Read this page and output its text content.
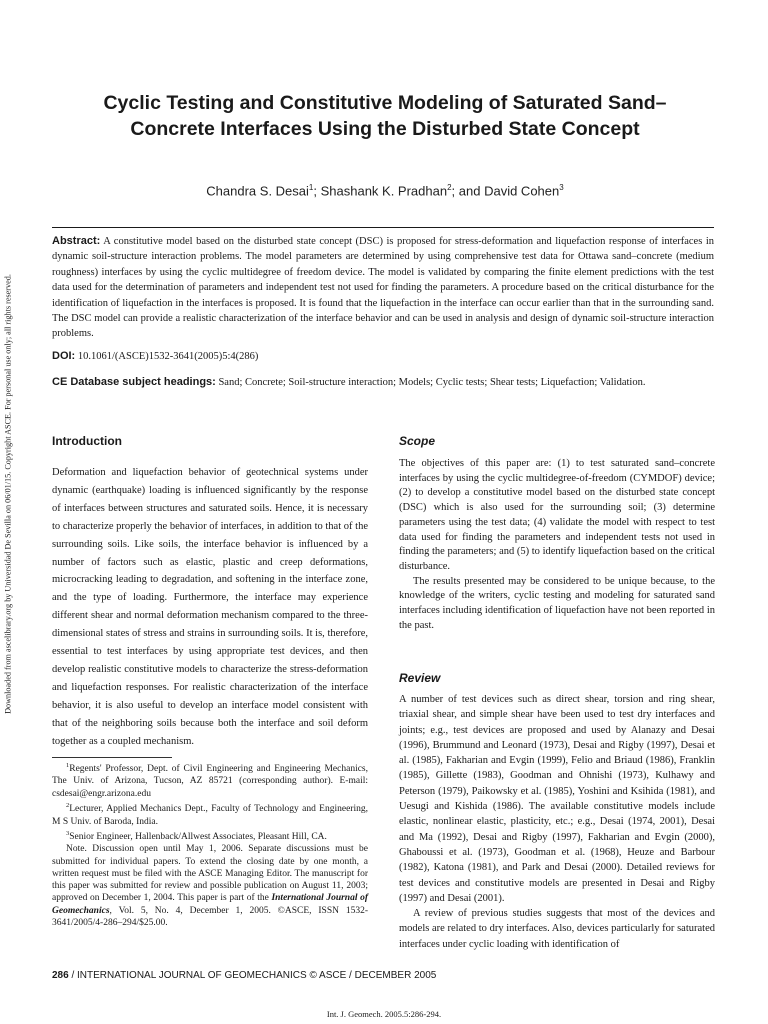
Downloaded from ascelibrary.org by Universidad De Sevilla on 06/01/15. Copyright ASCE. For personal use only; all rights reserved.
Cyclic Testing and Constitutive Modeling of Saturated Sand–Concrete Interfaces Using the Disturbed State Concept
Chandra S. Desai$^1$; Shashank K. Pradhan$^2$; and David Cohen$^3$

Abstract: A constitutive model based on the disturbed state concept (DSC) is proposed for stress-deformation and liquefaction response of interfaces in dynamic soil-structure interaction problems. The model parameters are determined by using comprehensive test data for Ottawa sand–concrete (medium roughness) interfaces by using the cyclic multidegree of freedom device. The model is validated by comparing the finite element predictions with the test data used for the determination of parameters and independent test not used for finding the parameters. A procedure based on the critical disturbance for the identification of liquefaction in the interfaces is proposed. It is found that the liquefaction in the interface can occur earlier than that in the surrounding sand. The DSC model can provide a realistic characterization of the interface behavior and can be used in analysis and design of dynamic soil-structure interaction problems.

DOI: 10.1061/(ASCE)1532-3641(2005)5:4(286)

CE Database subject headings: Sand; Concrete; Soil-structure interaction; Models; Cyclic tests; Shear tests; Liquefaction; Validation.

Introduction

Deformation and liquefaction behavior of geotechnical systems under dynamic (earthquake) loading is influenced significantly by the response of interfaces between structures and saturated soils. Hence, it is necessary to characterize properly the behavior of interfaces, in addition to that of the surrounding soils. Like soils, the interface behavior is influenced by a number of factors such as elastic, plastic and creep deformations, microcracking leading to degradation, and softening in the interface zone, and the type of loading. Furthermore, the interface may experience different shear and normal deformation mechanism compared to the three-dimensional states of stress and strains in surrounding soils. It is, therefore, essential to test interfaces by using appropriate test devices, and then develop realistic constitutive models to characterize the stress-deformation and liquefaction responses. For realistic characterization of the interface behavior, it is also useful to develop an interface model consistent with that of the neighboring soils because both the interface and soil deform together as a coupled mechanism.

$^1$Regents' Professor, Dept. of Civil Engineering and Engineering Mechanics, The Univ. of Arizona, Tucson, AZ 85721 (corresponding author). E-mail: csdesai@engr.arizona.edu

$^2$Lecturer, Applied Mechanics Dept., Faculty of Technology and Engineering, M S Univ. of Baroda, India.

$^3$Senior Engineer, Hallenback/Allwest Associates, Pleasant Hill, CA.

Note. Discussion open until May 1, 2006. Separate discussions must be submitted for individual papers. To extend the closing date by one month, a written request must be filed with the ASCE Managing Editor. The manuscript for this paper was submitted for review and possible publication on August 11, 2003; approved on December 1, 2004. This paper is part of the International Journal of Geomechanics, Vol. 5, No. 4, December 1, 2005. ©ASCE, ISSN 1532-3641/2005/4-286–294/$25.00.

Scope

The objectives of this paper are: (1) to test saturated sand–concrete interfaces by using the cyclic multidegree-of-freedom (CYMDOF) device; (2) to develop a constitutive model based on the disturbed state concept (DSC) which is also used for the surrounding soil; (3) determine parameters using the test data; (4) validate the model with respect to test data used for finding the parameters and independent tests not used in finding the parameters; and (5) to identify liquefaction based on the critical disturbance.

The results presented may be considered to be unique because, to the knowledge of the writers, cyclic testing and modeling for saturated sand interfaces including identification of liquefaction have not been reported in the past.

Review

A number of test devices such as direct shear, torsion and ring shear, triaxial shear, and simple shear have been used to test dry interfaces and joints; e.g., test devices are proposed and used by Alanazy and Desai (1996), Brummund and Leonard (1973), Desai and Rigby (1997), Desai et al. (1985), Fakharian and Evgin (1999), Felio and Briaud (1986), Franklin (1985), Gillette (1983), Goodman and Ohnishi (1973), Kulhawy and Peterson (1979), Paikowsky et al. (1985), Yoshini and Ksihida (1981), and Uesugi and Kishida (1986). The available constitutive models include elastic, nonlinear elastic, plasticity, etc.; e.g., Desai (1974, 2001), Desai and Ma (1992), Desai and Rigby (1997), Fakharian and Evgin (2000), Ghaboussi et al. (1973), Goodman et al. (1968), Heuze and Barbour (1982), Katona (1981), and Park and Desai (2000). Detailed reviews for test devices and constitutive models are presented in Desai and Rigby (1997) and Desai (2001).

A review of previous studies suggests that most of the devices and models are related to dry interfaces. Also, devices particularly for saturated interfaces under cyclic loading with identification of

286 / INTERNATIONAL JOURNAL OF GEOMECHANICS © ASCE / DECEMBER 2005

Int. J. Geomech. 2005.5:286-294.
